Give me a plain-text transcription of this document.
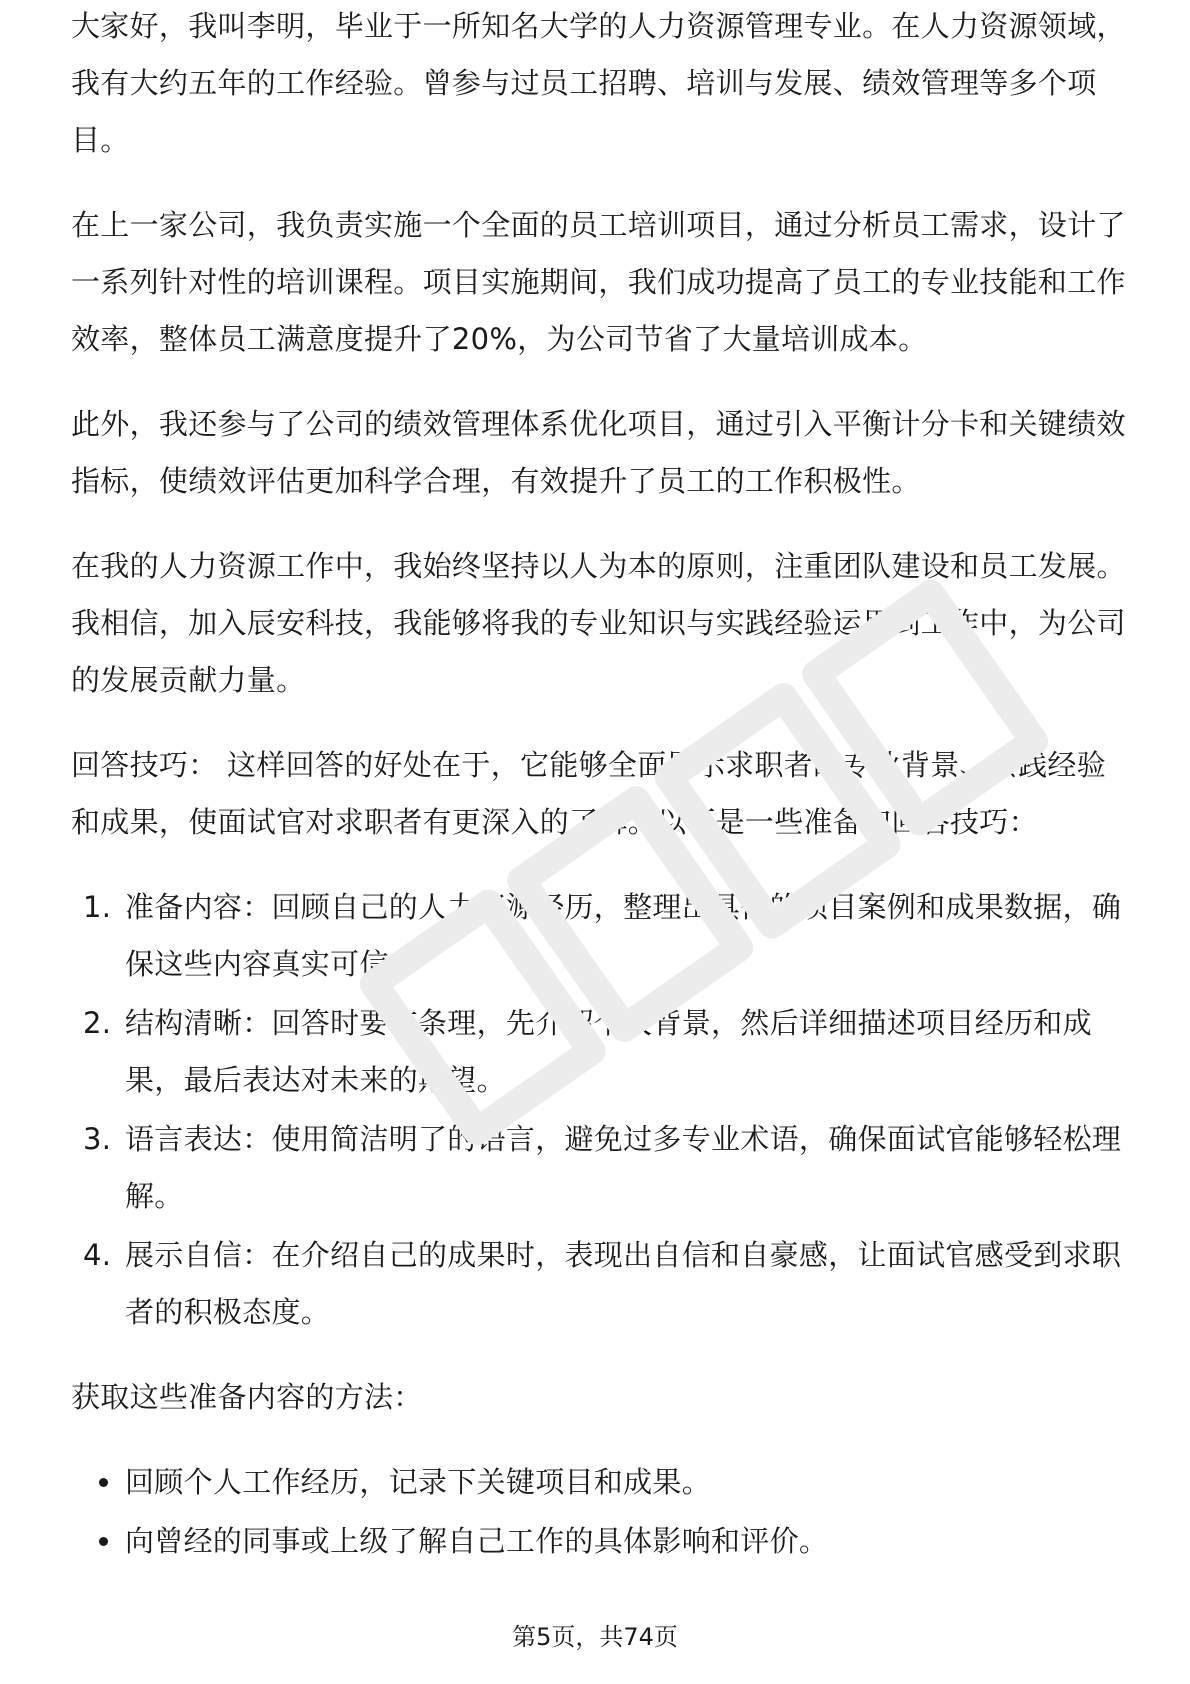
大家好，我叫李明，毕业于一所知名大学的人力资源管理专业。在人力资源领域，我有大约五年的工作经验。曾参与过员工招聘、培训与发展、绩效管理等多个项目。

在上一家公司，我负责实施一个全面的员工培训项目，通过分析员工需求，设计了一系列针对性的培训课程。项目实施期间，我们成功提高了员工的专业技能和工作效率，整体员工满意度提升了20%，为公司节省了大量培训成本。

此外，我还参与了公司的绩效管理体系优化项目，通过引入平衡计分卡和关键绩效指标，使绩效评估更加科学合理，有效提升了员工的工作积极性。

在我的人力资源工作中，我始终坚持以人为本的原则，注重团队建设和员工发展。我相信，加入辰安科技，我能够将我的专业知识与实践经验运用到工作中，为公司的发展贡献力量。

回答技巧： 这样回答的好处在于，它能够全面展示求职者的专业背景、实践经验和成果，使面试官对求职者有更深入的了解。以下是一些准备和回答技巧：

1. 准备内容：回顾自己的人力资源经历，整理出具体的项目案例和成果数据，确保这些内容真实可信。
2. 结构清晰：回答时要有条理，先介绍个人背景，然后详细描述项目经历和成果，最后表达对未来的期望。
3. 语言表达：使用简洁明了的语言，避免过多专业术语，确保面试官能够轻松理解。
4. 展示自信：在介绍自己的成果时，表现出自信和自豪感，让面试官感受到求职者的积极态度。

获取这些准备内容的方法：

回顾个人工作经历，记录下关键项目和成果。
向曾经的同事或上级了解自己工作的具体影响和评价。
第5页，共74页
